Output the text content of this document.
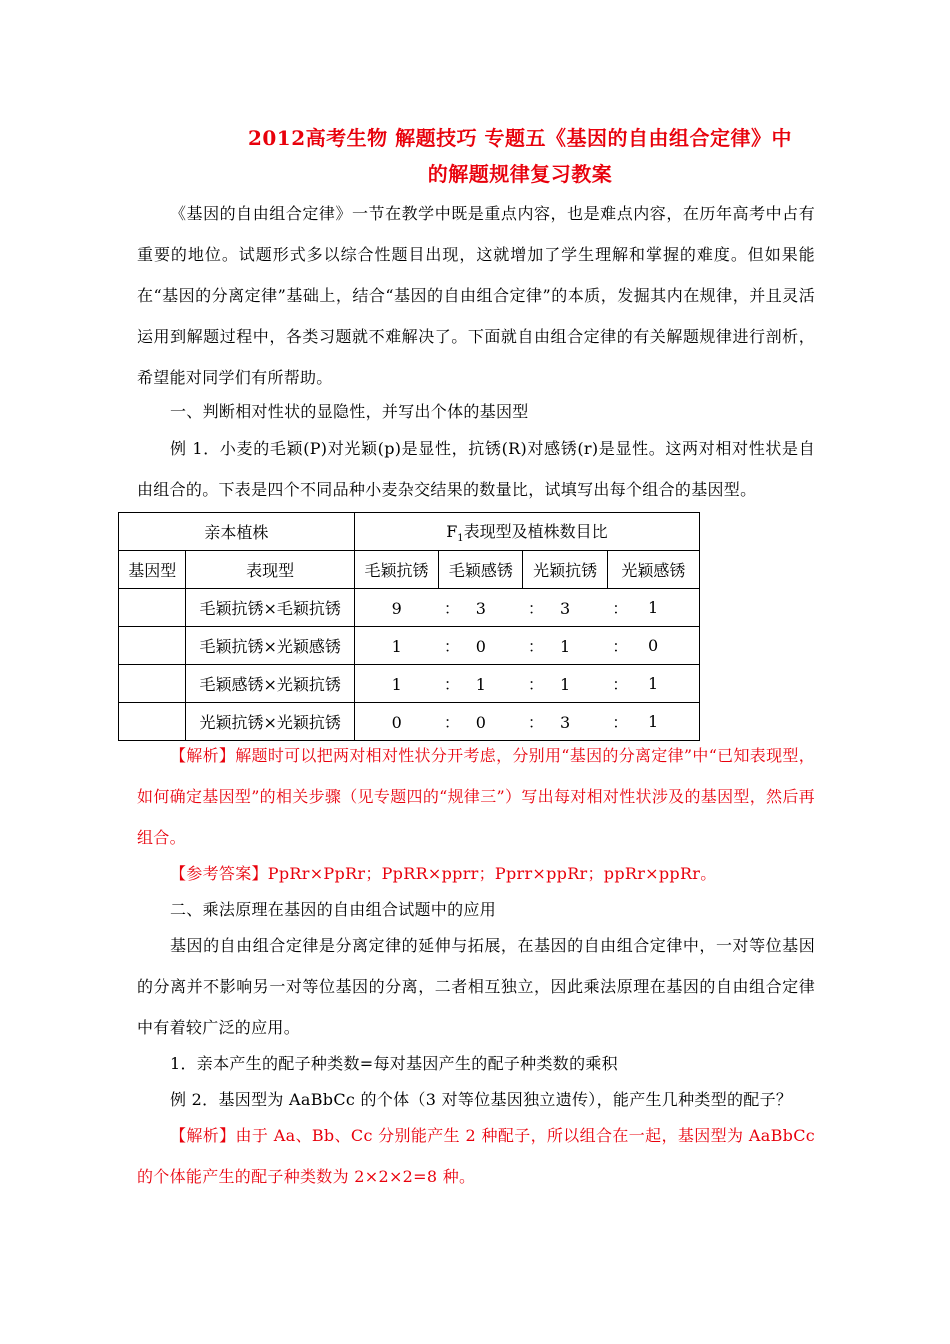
2012高考生物 解题技巧 专题五《基因的自由组合定律》中
的解题规律复习教案
《基因的自由组合定律》一节在教学中既是重点内容，也是难点内容，在历年高考中占有重要的地位。试题形式多以综合性题目出现，这就增加了学生理解和掌握的难度。但如果能在“基因的分离定律”基础上，结合“基因的自由组合定律”的本质，发掘其内在规律，并且灵活运用到解题过程中，各类习题就不难解决了。下面就自由组合定律的有关解题规律进行剖析，希望能对同学们有所帮助。
一、判断相对性状的显隐性，并写出个体的基因型
例 1．小麦的毛颖(P)对光颖(p)是显性，抗锈(R)对感锈(r)是显性。这两对相对性状是自由组合的。下表是四个不同品种小麦杂交结果的数量比，试填写出每个组合的基因型。
亲本植株		$F_1$表现型及植株数目比			
基因型	表现型	毛颖抗锈	毛颖感锈	光颖抗锈	光颖感锈
	毛颖抗锈×毛颖抗锈	9 ：	3 ：	3 ：	1
	毛颖抗锈×光颖感锈	1 ：	0 ：	1 ：	0
	毛颖感锈×光颖抗锈	1 ：	1 ：	1 ：	1
	光颖抗锈×光颖抗锈	0 ：	0 ：	3 ：	1
【解析】解题时可以把两对相对性状分开考虑，分别用“基因的分离定律”中“已知表现型，如何确定基因型”的相关步骤（见专题四的“规律三”）写出每对相对性状涉及的基因型，然后再组合。
【参考答案】PpRr×PpRr；PpRR×pprr；Pprr×ppRr；ppRr×ppRr。
二、乘法原理在基因的自由组合试题中的应用
基因的自由组合定律是分离定律的延伸与拓展，在基因的自由组合定律中，一对等位基因的分离并不影响另一对等位基因的分离，二者相互独立，因此乘法原理在基因的自由组合定律中有着较广泛的应用。
1．亲本产生的配子种类数=每对基因产生的配子种类数的乘积
例 2．基因型为 AaBbCc 的个体（3 对等位基因独立遗传），能产生几种类型的配子？
【解析】由于 Aa、Bb、Cc 分别能产生 2 种配子，所以组合在一起，基因型为 AaBbCc 的个体能产生的配子种类数为 2×2×2=8 种。
